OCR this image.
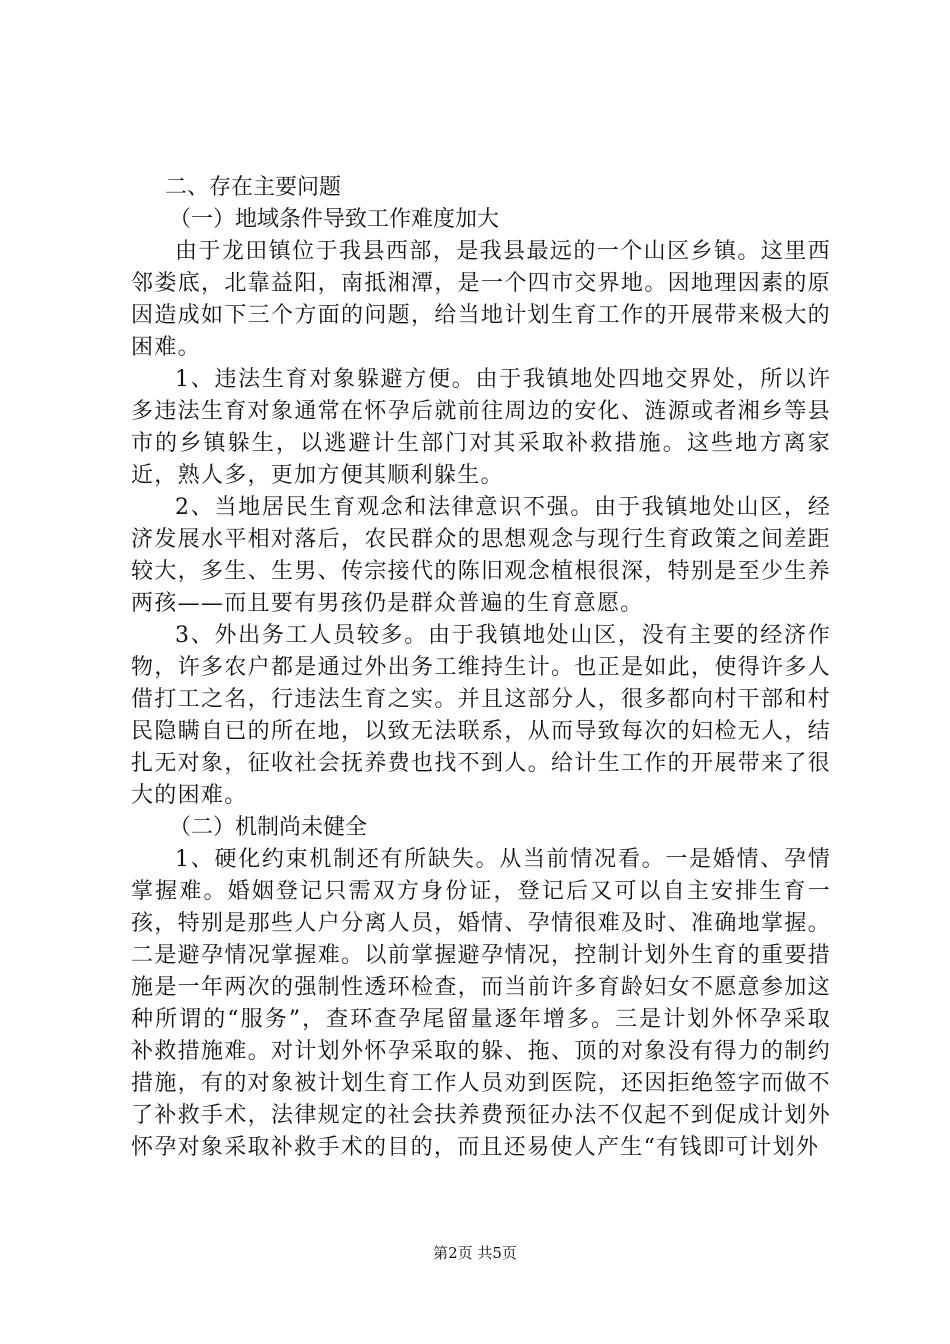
二、存在主要问题

（一）地域条件导致工作难度加大

由于龙田镇位于我县西部，是我县最远的一个山区乡镇。这里西邻娄底，北靠益阳，南抵湘潭，是一个四市交界地。因地理因素的原因造成如下三个方面的问题，给当地计划生育工作的开展带来极大的困难。

1、违法生育对象躲避方便。由于我镇地处四地交界处，所以许多违法生育对象通常在怀孕后就前往周边的安化、涟源或者湘乡等县市的乡镇躲生，以逃避计生部门对其采取补救措施。这些地方离家近，熟人多，更加方便其顺利躲生。

2、当地居民生育观念和法律意识不强。由于我镇地处山区，经济发展水平相对落后，农民群众的思想观念与现行生育政策之间差距较大，多生、生男、传宗接代的陈旧观念植根很深，特别是至少生养两孩——而且要有男孩仍是群众普遍的生育意愿。

3、外出务工人员较多。由于我镇地处山区，没有主要的经济作物，许多农户都是通过外出务工维持生计。也正是如此，使得许多人借打工之名，行违法生育之实。并且这部分人，很多都向村干部和村民隐瞒自已的所在地，以致无法联系，从而导致每次的妇检无人，结扎无对象，征收社会抚养费也找不到人。给计生工作的开展带来了很大的困难。

（二）机制尚未健全

1、硬化约束机制还有所缺失。从当前情况看。一是婚情、孕情掌握难。婚姻登记只需双方身份证，登记后又可以自主安排生育一孩，特别是那些人户分离人员，婚情、孕情很难及时、准确地掌握。二是避孕情况掌握难。以前掌握避孕情况，控制计划外生育的重要措施是一年两次的强制性透环检查，而当前许多育龄妇女不愿意参加这种所谓的“服务”，查环查孕尾留量逐年增多。三是计划外怀孕采取补救措施难。对计划外怀孕采取的躲、拖、顶的对象没有得力的制约措施，有的对象被计划生育工作人员劝到医院，还因拒绝签字而做不了补救手术，法律规定的社会扶养费预征办法不仅起不到促成计划外怀孕对象采取补救手术的目的，而且还易使人产生“有钱即可计划外

第2页 共5页
